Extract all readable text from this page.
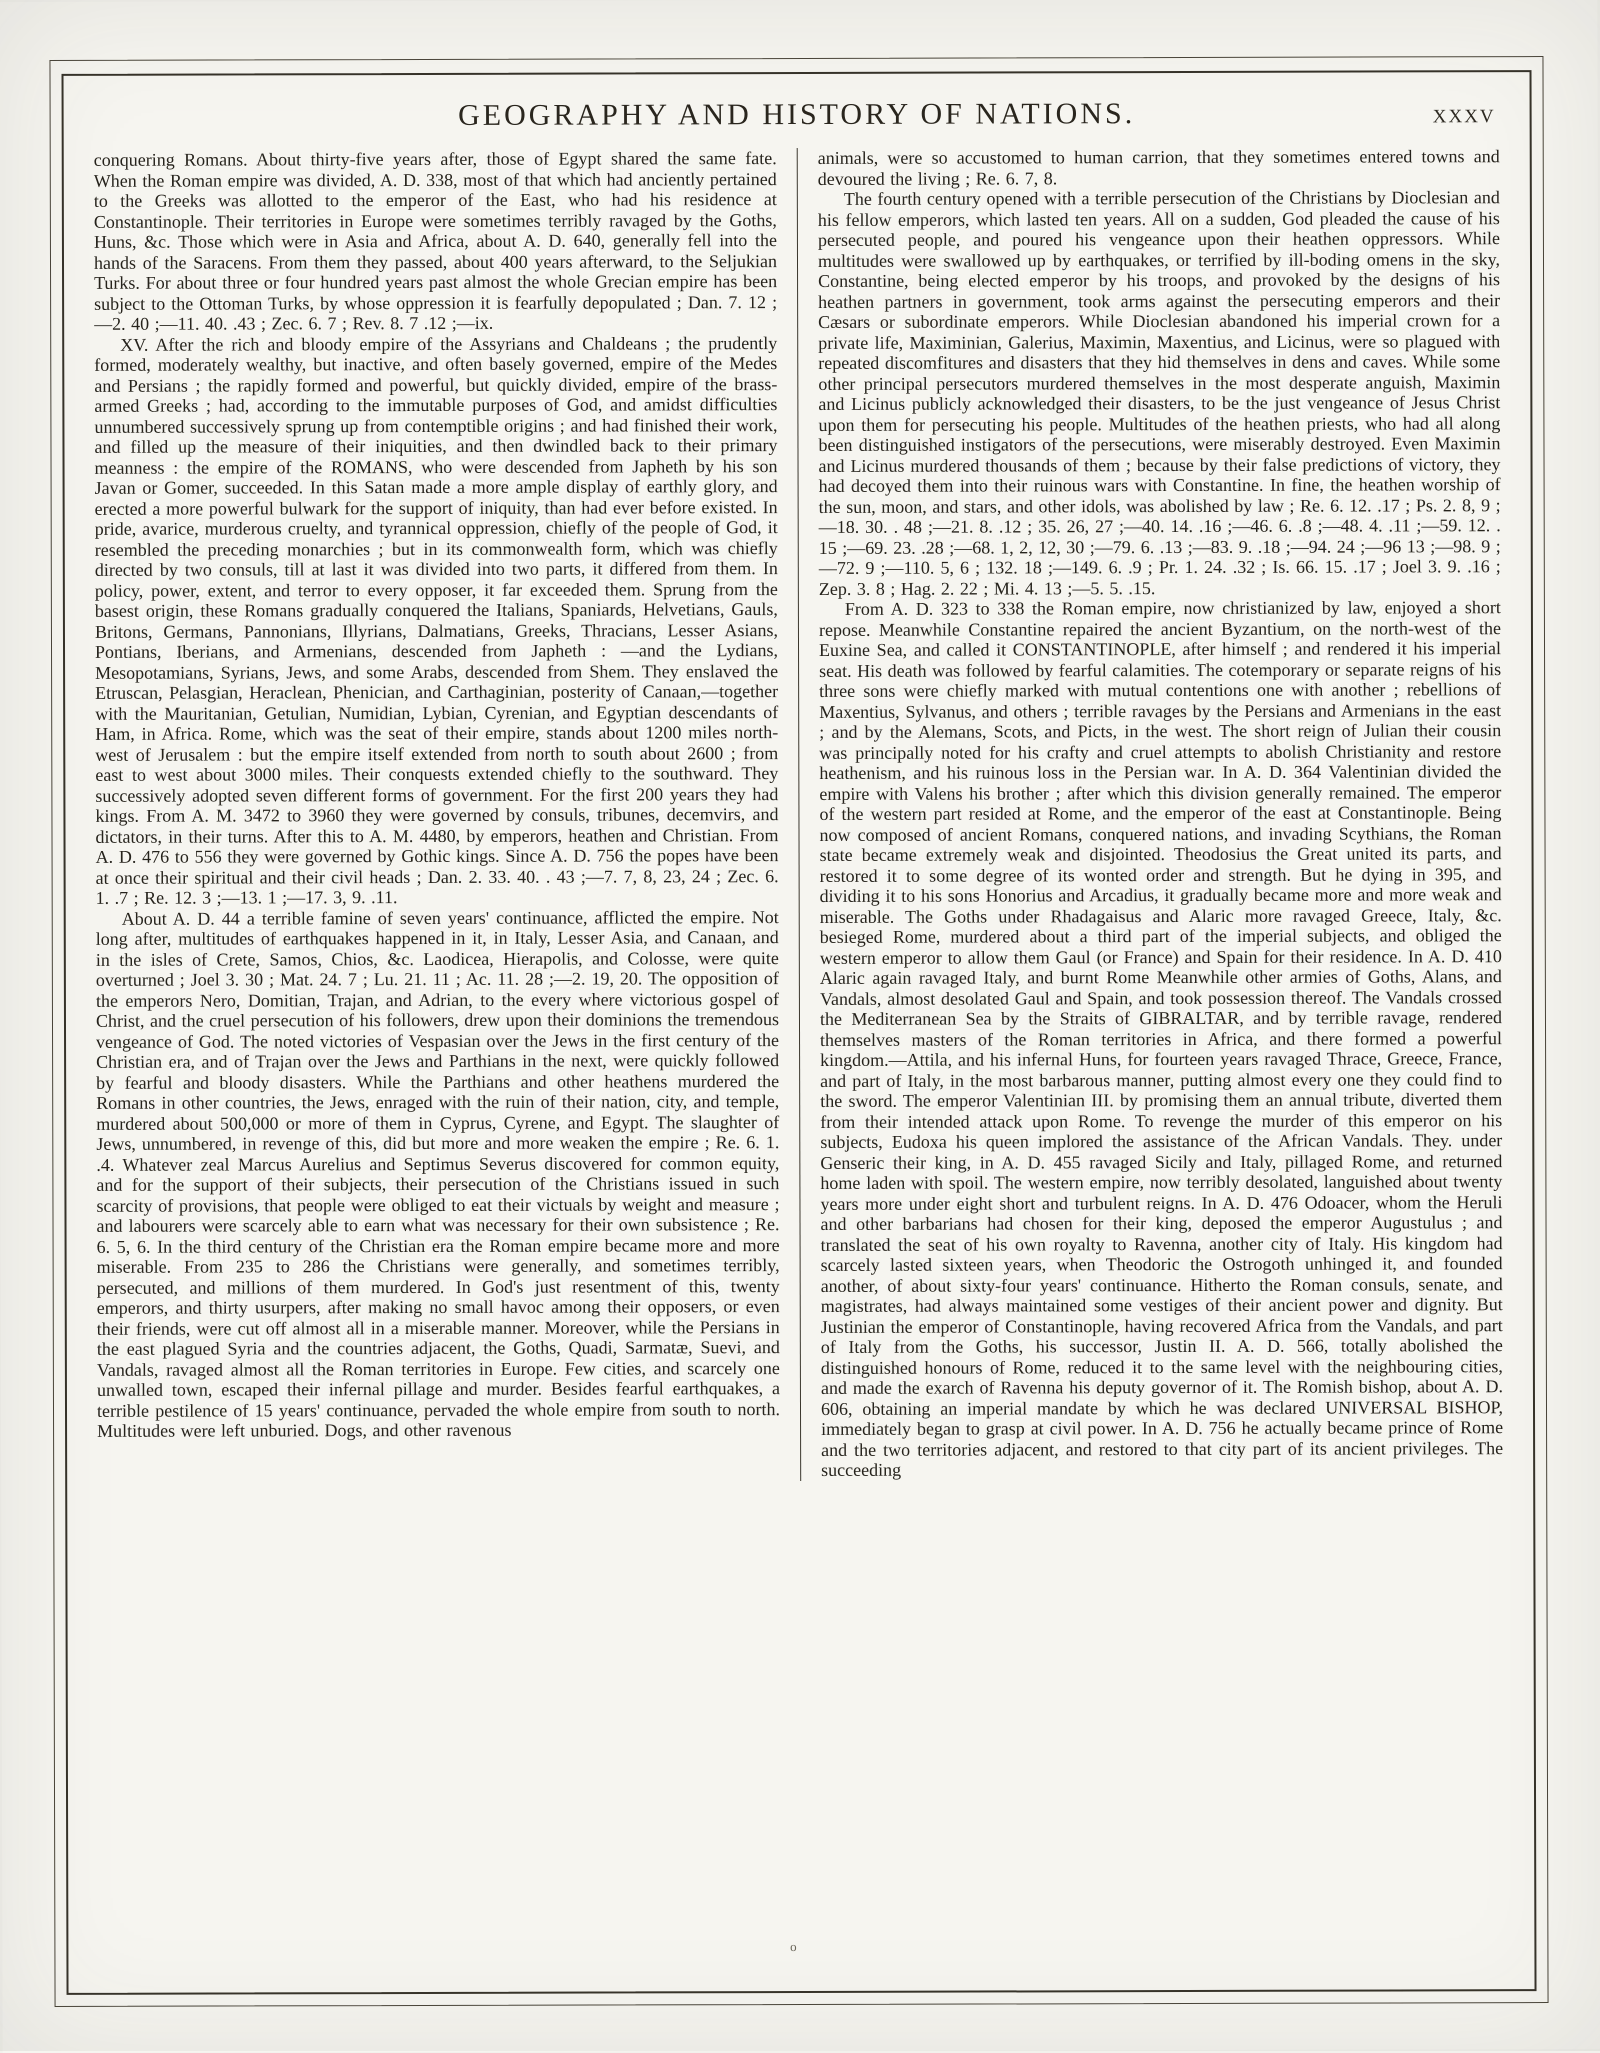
GEOGRAPHY AND HISTORY OF NATIONS.	XXXV

conquering Romans. About thirty-five years after, those of Egypt shared the same fate. When the Roman empire was divided, A. D. 338, most of that which had anciently pertained to the Greeks was allotted to the emperor of the East, who had his residence at Constantinople. Their territories in Europe were sometimes terribly ravaged by the Goths, Huns, &c. Those which were in Asia and Africa, about A. D. 640, generally fell into the hands of the Saracens. From them they passed, about 400 years afterward, to the Seljukian Turks. For about three or four hundred years past almost the whole Grecian empire has been subject to the Ottoman Turks, by whose oppression it is fearfully depopulated ; Dan. 7. 12 ;—2. 40 ;—11. 40. .43 ; Zec. 6. 7 ; Rev. 8. 7 .12 ;—ix.

XV. After the rich and bloody empire of the Assyrians and Chaldeans ; the prudently formed, moderately wealthy, but inactive, and often basely governed, empire of the Medes and Persians ; the rapidly formed and powerful, but quickly divided, empire of the brass-armed Greeks ; had, according to the immutable purposes of God, and amidst difficulties unnumbered successively sprung up from contemptible origins ; and had finished their work, and filled up the measure of their iniquities, and then dwindled back to their primary meanness : the empire of the ROMANS, who were descended from Japheth by his son Javan or Gomer, succeeded. In this Satan made a more ample display of earthly glory, and erected a more powerful bulwark for the support of iniquity, than had ever before existed. In pride, avarice, murderous cruelty, and tyrannical oppression, chiefly of the people of God, it resembled the preceding monarchies ; but in its commonwealth form, which was chiefly directed by two consuls, till at last it was divided into two parts, it differed from them. In policy, power, extent, and terror to every opposer, it far exceeded them. Sprung from the basest origin, these Romans gradually conquered the Italians, Spaniards, Helvetians, Gauls, Britons, Germans, Pannonians, Illyrians, Dalmatians, Greeks, Thracians, Lesser Asians, Pontians, Iberians, and Armenians, descended from Japheth : —and the Lydians, Mesopotamians, Syrians, Jews, and some Arabs, descended from Shem. They enslaved the Etruscan, Pelasgian, Heraclean, Phenician, and Carthaginian, posterity of Canaan,—together with the Mauritanian, Getulian, Numidian, Lybian, Cyrenian, and Egyptian descendants of Ham, in Africa. Rome, which was the seat of their empire, stands about 1200 miles north-west of Jerusalem : but the empire itself extended from north to south about 2600 ; from east to west about 3000 miles. Their conquests extended chiefly to the southward. They successively adopted seven different forms of government. For the first 200 years they had kings. From A. M. 3472 to 3960 they were governed by consuls, tribunes, decemvirs, and dictators, in their turns. After this to A. M. 4480, by emperors, heathen and Christian. From A. D. 476 to 556 they were governed by Gothic kings. Since A. D. 756 the popes have been at once their spiritual and their civil heads ; Dan. 2. 33. 40. . 43 ;—7. 7, 8, 23, 24 ; Zec. 6. 1. .7 ; Re. 12. 3 ;—13. 1 ;—17. 3, 9. .11.

About A. D. 44 a terrible famine of seven years' continuance, afflicted the empire. Not long after, multitudes of earthquakes happened in it, in Italy, Lesser Asia, and Canaan, and in the isles of Crete, Samos, Chios, &c. Laodicea, Hierapolis, and Colosse, were quite overturned ; Joel 3. 30 ; Mat. 24. 7 ; Lu. 21. 11 ; Ac. 11. 28 ;—2. 19, 20. The opposition of the emperors Nero, Domitian, Trajan, and Adrian, to the every where victorious gospel of Christ, and the cruel persecution of his followers, drew upon their dominions the tremendous vengeance of God. The noted victories of Vespasian over the Jews in the first century of the Christian era, and of Trajan over the Jews and Parthians in the next, were quickly followed by fearful and bloody disasters. While the Parthians and other heathens murdered the Romans in other countries, the Jews, enraged with the ruin of their nation, city, and temple, murdered about 500,000 or more of them in Cyprus, Cyrene, and Egypt. The slaughter of Jews, unnumbered, in revenge of this, did but more and more weaken the empire ; Re. 6. 1. .4. Whatever zeal Marcus Aurelius and Septimus Severus discovered for common equity, and for the support of their subjects, their persecution of the Christians issued in such scarcity of provisions, that people were obliged to eat their victuals by weight and measure ; and labourers were scarcely able to earn what was necessary for their own subsistence ; Re. 6. 5, 6. In the third century of the Christian era the Roman empire became more and more miserable. From 235 to 286 the Christians were generally, and sometimes terribly, persecuted, and millions of them murdered. In God's just resentment of this, twenty emperors, and thirty usurpers, after making no small havoc among their opposers, or even their friends, were cut off almost all in a miserable manner. Moreover, while the Persians in the east plagued Syria and the countries adjacent, the Goths, Quadi, Sarmatæ, Suevi, and Vandals, ravaged almost all the Roman territories in Europe. Few cities, and scarcely one unwalled town, escaped their infernal pillage and murder. Besides fearful earthquakes, a terrible pestilence of 15 years' continuance, pervaded the whole empire from south to north. Multitudes were left unburied. Dogs, and other ravenous

animals, were so accustomed to human carrion, that they sometimes entered towns and devoured the living ; Re. 6. 7, 8.

The fourth century opened with a terrible persecution of the Christians by Dioclesian and his fellow emperors, which lasted ten years. All on a sudden, God pleaded the cause of his persecuted people, and poured his vengeance upon their heathen oppressors. While multitudes were swallowed up by earthquakes, or terrified by ill-boding omens in the sky, Constantine, being elected emperor by his troops, and provoked by the designs of his heathen partners in government, took arms against the persecuting emperors and their Cæsars or subordinate emperors. While Dioclesian abandoned his imperial crown for a private life, Maximinian, Galerius, Maximin, Maxentius, and Licinus, were so plagued with repeated discomfitures and disasters that they hid themselves in dens and caves. While some other principal persecutors murdered themselves in the most desperate anguish, Maximin and Licinus publicly acknowledged their disasters, to be the just vengeance of Jesus Christ upon them for persecuting his people. Multitudes of the heathen priests, who had all along been distinguished instigators of the persecutions, were miserably destroyed. Even Maximin and Licinus murdered thousands of them ; because by their false predictions of victory, they had decoyed them into their ruinous wars with Constantine. In fine, the heathen worship of the sun, moon, and stars, and other idols, was abolished by law ; Re. 6. 12. .17 ; Ps. 2. 8, 9 ;—18. 30. . 48 ;—21. 8. .12 ; 35. 26, 27 ;—40. 14. .16 ;—46. 6. .8 ;—48. 4. .11 ;—59. 12. . 15 ;—69. 23. .28 ;—68. 1, 2, 12, 30 ;—79. 6. .13 ;—83. 9. .18 ;—94. 24 ;—96 13 ;—98. 9 ;—72. 9 ;—110. 5, 6 ; 132. 18 ;—149. 6. .9 ; Pr. 1. 24. .32 ; Is. 66. 15. .17 ; Joel 3. 9. .16 ; Zep. 3. 8 ; Hag. 2. 22 ; Mi. 4. 13 ;—5. 5. .15.

From A. D. 323 to 338 the Roman empire, now christianized by law, enjoyed a short repose. Meanwhile Constantine repaired the ancient Byzantium, on the north-west of the Euxine Sea, and called it CONSTANTINOPLE, after himself ; and rendered it his imperial seat. His death was followed by fearful calamities. The cotemporary or separate reigns of his three sons were chiefly marked with mutual contentions one with another ; rebellions of Maxentius, Sylvanus, and others ; terrible ravages by the Persians and Armenians in the east ; and by the Alemans, Scots, and Picts, in the west. The short reign of Julian their cousin was principally noted for his crafty and cruel attempts to abolish Christianity and restore heathenism, and his ruinous loss in the Persian war. In A. D. 364 Valentinian divided the empire with Valens his brother ; after which this division generally remained. The emperor of the western part resided at Rome, and the emperor of the east at Constantinople. Being now composed of ancient Romans, conquered nations, and invading Scythians, the Roman state became extremely weak and disjointed. Theodosius the Great united its parts, and restored it to some degree of its wonted order and strength. But he dying in 395, and dividing it to his sons Honorius and Arcadius, it gradually became more and more weak and miserable. The Goths under Rhadagaisus and Alaric more ravaged Greece, Italy, &c. besieged Rome, murdered about a third part of the imperial subjects, and obliged the western emperor to allow them Gaul (or France) and Spain for their residence. In A. D. 410 Alaric again ravaged Italy, and burnt Rome Meanwhile other armies of Goths, Alans, and Vandals, almost desolated Gaul and Spain, and took possession thereof. The Vandals crossed the Mediterranean Sea by the Straits of GIBRALTAR, and by terrible ravage, rendered themselves masters of the Roman territories in Africa, and there formed a powerful kingdom.—Attila, and his infernal Huns, for fourteen years ravaged Thrace, Greece, France, and part of Italy, in the most barbarous manner, putting almost every one they could find to the sword. The emperor Valentinian III. by promising them an annual tribute, diverted them from their intended attack upon Rome. To revenge the murder of this emperor on his subjects, Eudoxa his queen implored the assistance of the African Vandals. They. under Genseric their king, in A. D. 455 ravaged Sicily and Italy, pillaged Rome, and returned home laden with spoil. The western empire, now terribly desolated, languished about twenty years more under eight short and turbulent reigns. In A. D. 476 Odoacer, whom the Heruli and other barbarians had chosen for their king, deposed the emperor Augustulus ; and translated the seat of his own royalty to Ravenna, another city of Italy. His kingdom had scarcely lasted sixteen years, when Theodoric the Ostrogoth unhinged it, and founded another, of about sixty-four years' continuance. Hitherto the Roman consuls, senate, and magistrates, had always maintained some vestiges of their ancient power and dignity. But Justinian the emperor of Constantinople, having recovered Africa from the Vandals, and part of Italy from the Goths, his successor, Justin II. A. D. 566, totally abolished the distinguished honours of Rome, reduced it to the same level with the neighbouring cities, and made the exarch of Ravenna his deputy governor of it. The Romish bishop, about A. D. 606, obtaining an imperial mandate by which he was declared UNIVERSAL BISHOP, immediately began to grasp at civil power. In A. D. 756 he actually became prince of Rome and the two territories adjacent, and restored to that city part of its ancient privileges. The succeeding

o
